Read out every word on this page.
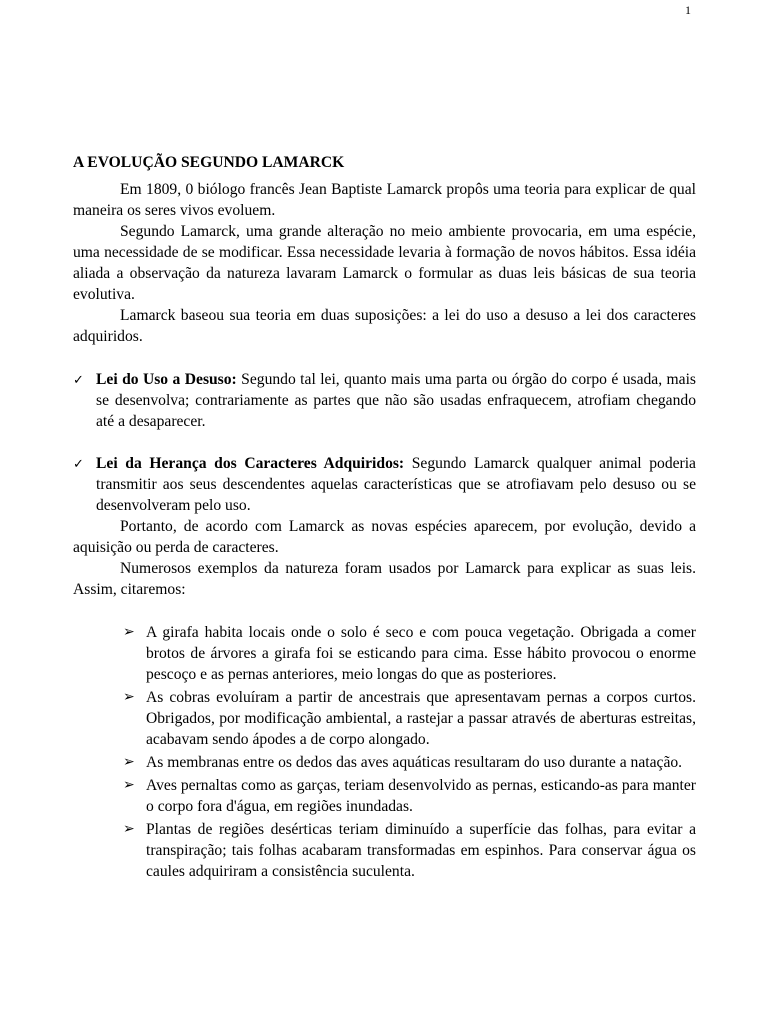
1
A EVOLUÇÃO SEGUNDO LAMARCK

Em 1809, 0 biólogo francês Jean Baptiste Lamarck propôs uma teoria para explicar de qual maneira os seres vivos evoluem.

Segundo Lamarck, uma grande alteração no meio ambiente provocaria, em uma espécie, uma necessidade de se modificar. Essa necessidade levaria à formação de novos hábitos. Essa idéia aliada a observação da natureza lavaram Lamarck o formular as duas leis básicas de sua teoria evolutiva.

Lamarck baseou sua teoria em duas suposições: a lei do uso a desuso a lei dos caracteres adquiridos.

✓ Lei do Uso a Desuso: Segundo tal lei, quanto mais uma parta ou órgão do corpo é usada, mais se desenvolva; contrariamente as partes que não são usadas enfraquecem, atrofiam chegando até a desaparecer.
✓ Lei da Herança dos Caracteres Adquiridos: Segundo Lamarck qualquer animal poderia transmitir aos seus descendentes aquelas características que se atrofiavam pelo desuso ou se desenvolveram pelo uso.

Portanto, de acordo com Lamarck as novas espécies aparecem, por evolução, devido a aquisição ou perda de caracteres.

Numerosos exemplos da natureza foram usados por Lamarck para explicar as suas leis. Assim, citaremos:

➢ A girafa habita locais onde o solo é seco e com pouca vegetação. Obrigada a comer brotos de árvores a girafa foi se esticando para cima. Esse hábito provocou o enorme pescoço e as pernas anteriores, meio longas do que as posteriores.
➢ As cobras evoluíram a partir de ancestrais que apresentavam pernas a corpos curtos. Obrigados, por modificação ambiental, a rastejar a passar através de aberturas estreitas, acabavam sendo ápodes a de corpo alongado.
➢ As membranas entre os dedos das aves aquáticas resultaram do uso durante a natação.
➢ Aves pernaltas como as garças, teriam desenvolvido as pernas, esticando-as para manter o corpo fora d'água, em regiões inundadas.
➢ Plantas de regiões desérticas teriam diminuído a superfície das folhas, para evitar a transpiração; tais folhas acabaram transformadas em espinhos. Para conservar água os caules adquiriram a consistência suculenta.
